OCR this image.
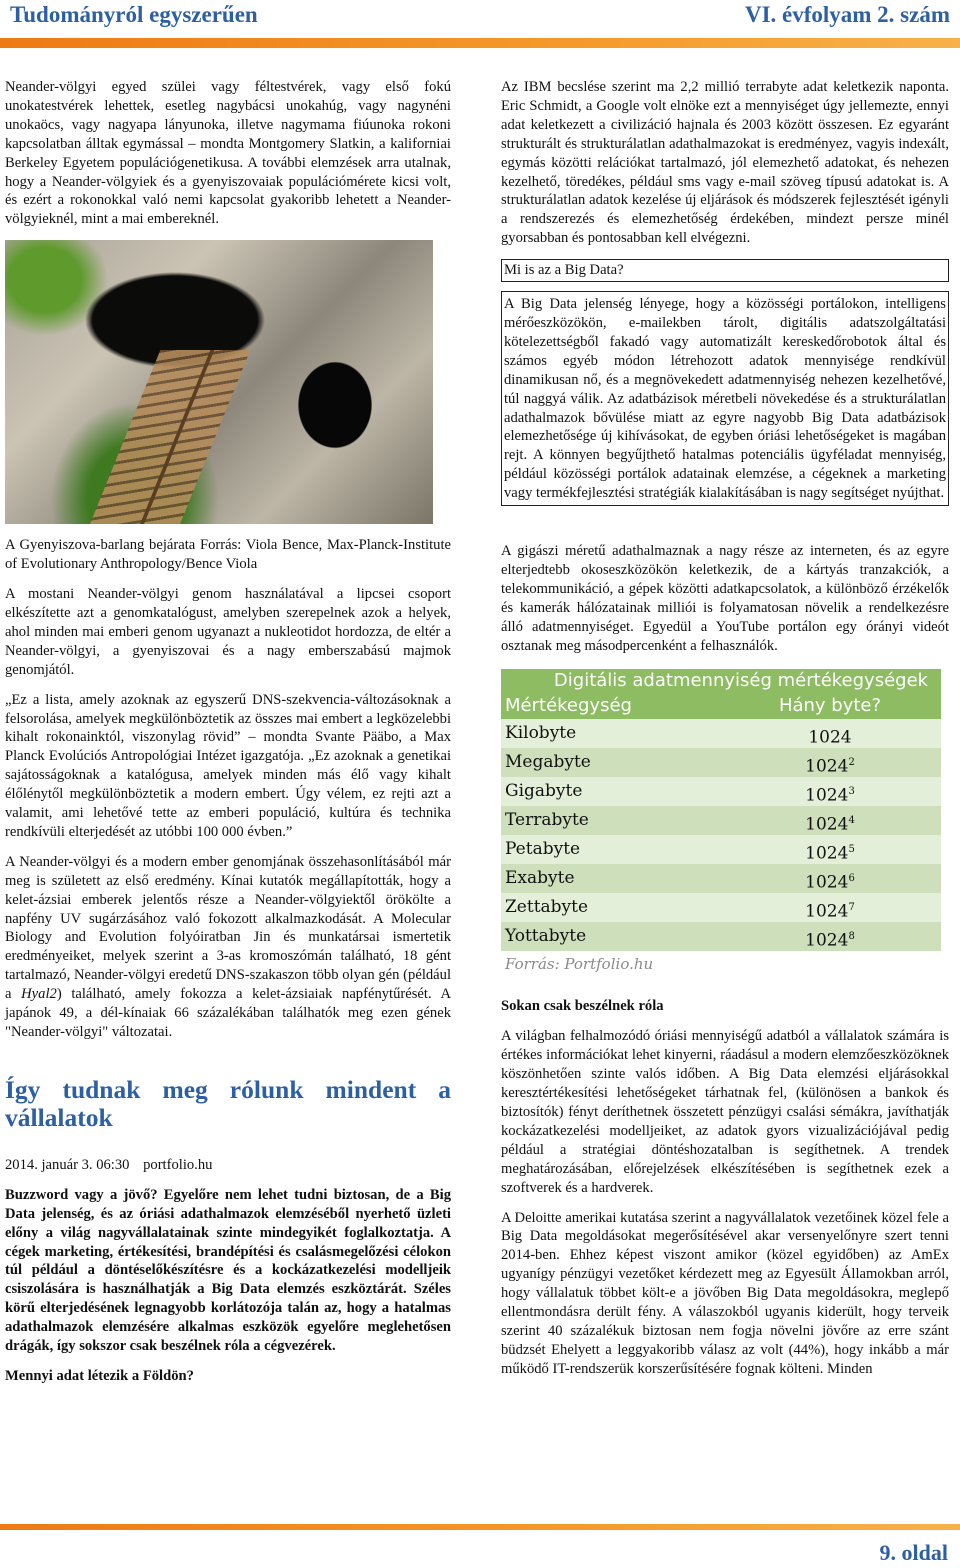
Tudományról egyszerűen	VI. évfolyam 2. szám

Neander-völgyi egyed szülei vagy féltestvérek, vagy első fokú unokatestvérek lehettek, esetleg nagybácsi unokahúg, vagy nagynéni unokaöcs, vagy nagyapa lányunoka, illetve nagymama fiúunoka rokoni kapcsolatban álltak egymással – mondta Montgomery Slatkin, a kaliforniai Berkeley Egyetem populációgenetikusa. A további elemzések arra utalnak, hogy a Neander-völgyiek és a gyenyiszovaiak populációmérete kicsi volt, és ezért a rokonokkal való nemi kapcsolat gyakoribb lehetett a Neander-völgyieknél, mint a mai embereknél.

A Gyenyiszova-barlang bejárata Forrás: Viola Bence, Max-Planck-Institute of Evolutionary Anthropology/Bence Viola

A mostani Neander-völgyi genom használatával a lipcsei csoport elkészítette azt a genomkatalógust, amelyben szerepelnek azok a helyek, ahol minden mai emberi genom ugyanazt a nukleotidot hordozza, de eltér a Neander-völgyi, a gyenyiszovai és a nagy emberszabású majmok genomjától.

„Ez a lista, amely azoknak az egyszerű DNS-szekvencia-változásoknak a felsorolása, amelyek megkülönböztetik az összes mai embert a legközelebbi kihalt rokonainktól, viszonylag rövid” – mondta Svante Pääbo, a Max Planck Evolúciós Antropológiai Intézet igazgatója. „Ez azoknak a genetikai sajátosságoknak a katalógusa, amelyek minden más élő vagy kihalt élőlénytől megkülönböztetik a modern embert. Úgy vélem, ez rejti azt a valamit, ami lehetővé tette az emberi populáció, kultúra és technika rendkívüli elterjedését az utóbbi 100 000 évben.”

A Neander-völgyi és a modern ember genomjának összehasonlításából már meg is született az első eredmény. Kínai kutatók megállapították, hogy a kelet-ázsiai emberek jelentős része a Neander-völgyiektől örökölte a napfény UV sugárzásához való fokozott alkalmazkodását. A Molecular Biology and Evolution folyóiratban Jin és munkatársai ismertetik eredményeiket, melyek szerint a 3-as kromoszómán található, 18 gént tartalmazó, Neander-völgyi eredetű DNS-szakaszon több olyan gén (például a Hyal2) található, amely fokozza a kelet-ázsiaiak napfénytűrését. A japánok 49, a dél-kínaiak 66 százalékában találhatók meg ezen gének "Neander-völgyi" változatai.

Így tudnak meg rólunk mindent a vállalatok
2014. január 3. 06:30 portfolio.hu

Buzzword vagy a jövő? Egyelőre nem lehet tudni biztosan, de a Big Data jelenség, és az óriási adathalmazok elemzéséből nyerhető üzleti előny a világ nagyvállalatainak szinte mindegyikét foglalkoztatja. A cégek marketing, értékesítési, brandépítési és csalásmegelőzési célokon túl például a döntéselőkészítésre és a kockázatkezelési modelljeik csiszolására is használhatják a Big Data elemzés eszköztárát. Széles körű elterjedésének legnagyobb korlátozója talán az, hogy a hatalmas adathalmazok elemzésére alkalmas eszközök egyelőre meglehetősen drágák, így sokszor csak beszélnek róla a cégvezérek.

Mennyi adat létezik a Földön?

Az IBM becslése szerint ma 2,2 millió terrabyte adat keletkezik naponta. Eric Schmidt, a Google volt elnöke ezt a mennyiséget úgy jellemezte, ennyi adat keletkezett a civilizáció hajnala és 2003 között összesen. Ez egyaránt strukturált és strukturálatlan adathalmazokat is eredményez, vagyis indexált, egymás közötti relációkat tartalmazó, jól elemezhető adatokat, és nehezen kezelhető, töredékes, például sms vagy e-mail szöveg típusú adatokat is. A strukturálatlan adatok kezelése új eljárások és módszerek fejlesztését igényli a rendszerezés és elemezhetőség érdekében, mindezt persze minél gyorsabban és pontosabban kell elvégezni.

Mi is az a Big Data?
A Big Data jelenség lényege, hogy a közösségi portálokon, intelligens mérőeszközökön, e-mailekben tárolt, digitális adatszolgáltatási kötelezettségből fakadó vagy automatizált kereskedőrobotok által és számos egyéb módon létrehozott adatok mennyisége rendkívül dinamikusan nő, és a megnövekedett adatmennyiség nehezen kezelhetővé, túl naggyá válik. Az adatbázisok méretbeli növekedése és a strukturálatlan adathalmazok bővülése miatt az egyre nagyobb Big Data adatbázisok elemezhetősége új kihívásokat, de egyben óriási lehetőségeket is magában rejt. A könnyen begyűjthető hatalmas potenciális ügyféladat mennyiség, például közösségi portálok adatainak elemzése, a cégeknek a marketing vagy termékfejlesztési stratégiák kialakításában is nagy segítséget nyújthat.

A gigászi méretű adathalmaznak a nagy része az interneten, és az egyre elterjedtebb okoseszközökön keletkezik, de a kártyás tranzakciók, a telekommunikáció, a gépek közötti adatkapcsolatok, a különböző érzékelők és kamerák hálózatainak milliói is folyamatosan növelik a rendelkezésre álló adatmennyiséget. Egyedül a YouTube portálon egy órányi videót osztanak meg másodpercenként a felhasználók.

Digitális adatmennyiség mértékegységek
Mértékegység	Hány byte?
Kilobyte	1024
Megabyte	1024$^2$
Gigabyte	1024$^3$
Terrabyte	1024$^4$
Petabyte	1024$^5$
Exabyte	1024$^6$
Zettabyte	1024$^7$
Yottabyte	1024$^8$
Forrás: Portfolio.hu

Sokan csak beszélnek róla

A világban felhalmozódó óriási mennyiségű adatból a vállalatok számára is értékes információkat lehet kinyerni, ráadásul a modern elemzőeszközöknek köszönhetően szinte valós időben. A Big Data elemzési eljárásokkal keresztértékesítési lehetőségeket tárhatnak fel, (különösen a bankok és biztosítók) fényt deríthetnek összetett pénzügyi csalási sémákra, javíthatják kockázatkezelési modelljeiket, az adatok gyors vizualizációjával pedig például a stratégiai döntéshozatalban is segíthetnek. A trendek meghatározásában, előrejelzések elkészítésében is segíthetnek ezek a szoftverek és a hardverek.

A Deloitte amerikai kutatása szerint a nagyvállalatok vezetőinek közel fele a Big Data megoldásokat megerősítésével akar versenyelőnyre szert tenni 2014-ben. Ehhez képest viszont amikor (közel egyidőben) az AmEx ugyanígy pénzügyi vezetőket kérdezett meg az Egyesült Államokban arról, hogy vállalatuk többet költ-e a jövőben Big Data megoldásokra, meglepő ellentmondásra derült fény. A válaszokból ugyanis kiderült, hogy terveik szerint 40 százalékuk biztosan nem fogja növelni jövőre az erre szánt büdzsét Ehelyett a leggyakoribb válasz az volt (44%), hogy inkább a már működő IT-rendszerük korszerűsítésére fognak költeni. Minden

9. oldal
